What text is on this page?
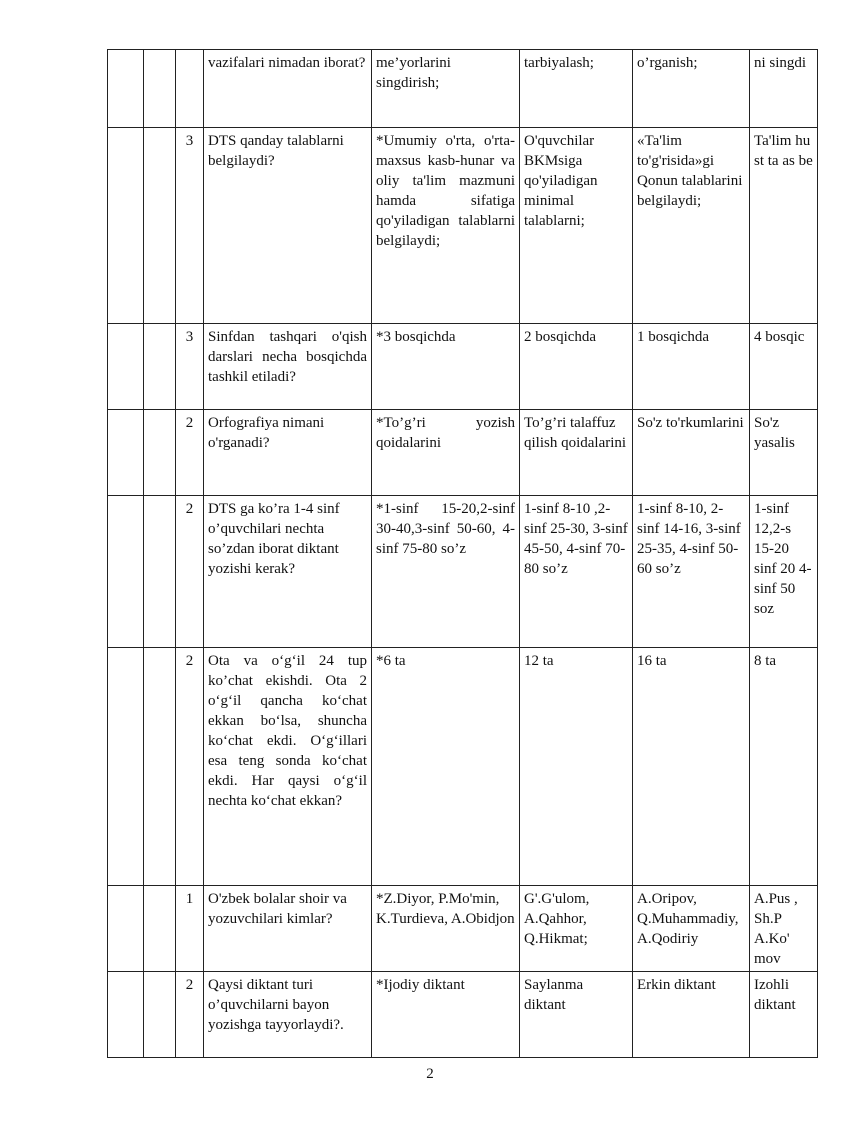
			vazifalari nimadan iborat?	me’yorlarini singdirish;	tarbiyalash;	o’rganish;	ni singdi
		3	DTS qanday talablarni belgilaydi?	*Umumiy o'rta, o'rta-maxsus kasb-hunar va oliy ta'lim mazmuni hamda sifatiga qo'yiladigan talablarni belgilaydi;	O'quvchilar BKMsiga qo'yiladigan minimal talablarni;	«Ta'lim to'g'risida»gi Qonun talablarini belgilaydi;	Ta'lim hu st ta as be
		3	Sinfdan tashqari o'qish darslari necha bosqichda tashkil etiladi?	*3 bosqichda	2 bosqichda	1 bosqichda	4 bosqic
		2	Orfografiya nimani o'rganadi?	*To’g’ri yozish qoidalarini	To’g’ri talaffuz qilish qoidalarini	So'z to'rkumlarini	So'z yasalis
		2	DTS ga ko’ra 1-4 sinf o’quvchilari nechta so’zdan iborat diktant yozishi kerak?	*1-sinf 15-20,2-sinf 30-40,3-sinf 50-60, 4-sinf 75-80 so’z	1-sinf 8-10 ,2-sinf 25-30, 3-sinf 45-50, 4-sinf 70-80 so’z	1-sinf 8-10, 2-sinf 14-16, 3-sinf 25-35, 4-sinf 50-60 so’z	1-sinf 12,2-s 15-20 sinf 20 4-sinf 50 soz
		2	Ota va o‘g‘il 24 tup ko’chat ekishdi. Ota 2 o‘g‘il qancha ko‘chat ekkan bo‘lsa, shuncha ko‘chat ekdi. O‘g‘illari esa teng sonda ko‘chat ekdi. Har qaysi o‘g‘il nechta ko‘chat ekkan?	*6 ta	12 ta	16 ta	8 ta
		1	O'zbek bolalar shoir va yozuvchilari kimlar?	*Z.Diyor, P.Mo'min, K.Turdieva, A.Obidjon	G'.G'ulom, A.Qahhor, Q.Hikmat;	A.Oripov, Q.Muhammadiy, A.Qodiriy	A.Pus , Sh.P A.Ko' mov
		2	Qaysi diktant turi o’quvchilarni bayon yozishga tayyorlaydi?.	*Ijodiy diktant	Saylanma diktant	Erkin diktant	Izohli diktant
2
